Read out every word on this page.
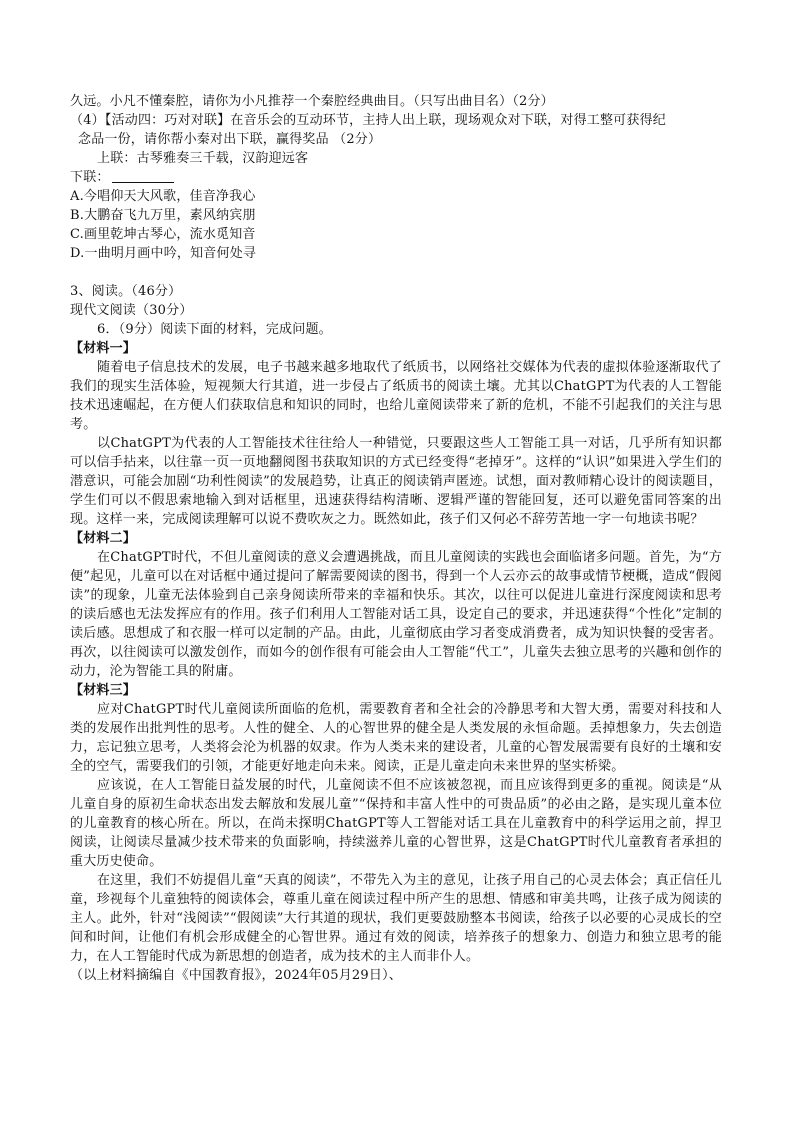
久远。小凡不懂秦腔，请你为小凡推荐一个秦腔经典曲目。（只写出曲目名）（2分）
（4）【活动四：巧对对联】在音乐会的互动环节，主持人出上联，现场观众对下联，对得工整可获得纪
念品一份，请你帮小秦对出下联，赢得奖品 （2分）
上联：古琴雅奏三千载，汉韵迎远客
下联：
A.今唱仰天大风歌，佳音净我心
B.大鹏奋飞九万里，素风纳宾朋
C.画里乾坤古琴心，流水觅知音
D.一曲明月画中吟，知音何处寻
3、阅读。（46分）
现代文阅读（30分）
6．（9分）阅读下面的材料，完成问题。
【材料一】

随着电子信息技术的发展，电子书越来越多地取代了纸质书，以网络社交媒体为代表的虚拟体验逐渐取代了我们的现实生活体验，短视频大行其道，进一步侵占了纸质书的阅读土壤。尤其以ChatGPT为代表的人工智能技术迅速崛起，在方便人们获取信息和知识的同时，也给儿童阅读带来了新的危机，不能不引起我们的关注与思考。

以ChatGPT为代表的人工智能技术往往给人一种错觉，只要跟这些人工智能工具一对话，几乎所有知识都可以信手拈来，以往靠一页一页地翻阅图书获取知识的方式已经变得“老掉牙”。这样的“认识”如果进入学生们的潜意识，可能会加剧“功利性阅读”的发展趋势，让真正的阅读销声匿迹。试想，面对教师精心设计的阅读题目，学生们可以不假思索地输入到对话框里，迅速获得结构清晰、逻辑严谨的智能回复，还可以避免雷同答案的出现。这样一来，完成阅读理解可以说不费吹灰之力。既然如此，孩子们又何必不辞劳苦地一字一句地读书呢？

【材料二】

在ChatGPT时代，不但儿童阅读的意义会遭遇挑战，而且儿童阅读的实践也会面临诸多问题。首先，为“方便”起见，儿童可以在对话框中通过提问了解需要阅读的图书，得到一个人云亦云的故事或情节梗概，造成“假阅读”的现象，儿童无法体验到自己亲身阅读所带来的幸福和快乐。其次，以往可以促进儿童进行深度阅读和思考的读后感也无法发挥应有的作用。孩子们利用人工智能对话工具，设定自己的要求，并迅速获得“个性化”定制的读后感。思想成了和衣服一样可以定制的产品。由此，儿童彻底由学习者变成消费者，成为知识快餐的受害者。再次，以往阅读可以激发创作，而如今的创作很有可能会由人工智能“代工”，儿童失去独立思考的兴趣和创作的动力，沦为智能工具的附庸。

【材料三】

应对ChatGPT时代儿童阅读所面临的危机，需要教育者和全社会的冷静思考和大智大勇，需要对科技和人类的发展作出批判性的思考。人性的健全、人的心智世界的健全是人类发展的永恒命题。丢掉想象力，失去创造力，忘记独立思考，人类将会沦为机器的奴隶。作为人类未来的建设者，儿童的心智发展需要有良好的土壤和安全的空气，需要我们的引领，才能更好地走向未来。阅读，正是儿童走向未来世界的坚实桥梁。

应该说，在人工智能日益发展的时代，儿童阅读不但不应该被忽视，而且应该得到更多的重视。阅读是“从儿童自身的原初生命状态出发去解放和发展儿童”“保持和丰富人性中的可贵品质”的必由之路，是实现儿童本位的儿童教育的核心所在。所以，在尚未探明ChatGPT等人工智能对话工具在儿童教育中的科学运用之前，捍卫阅读，让阅读尽量减少技术带来的负面影响，持续滋养儿童的心智世界，这是ChatGPT时代儿童教育者承担的重大历史使命。

在这里，我们不妨提倡儿童“天真的阅读”，不带先入为主的意见，让孩子用自己的心灵去体会；真正信任儿童，珍视每个儿童独特的阅读体会，尊重儿童在阅读过程中所产生的思想、情感和审美共鸣，让孩子成为阅读的主人。此外，针对“浅阅读”“假阅读”大行其道的现状，我们更要鼓励整本书阅读，给孩子以必要的心灵成长的空间和时间，让他们有机会形成健全的心智世界。通过有效的阅读，培养孩子的想象力、创造力和独立思考的能力，在人工智能时代成为新思想的创造者，成为技术的主人而非仆人。

（以上材料摘编自《中国教育报》，2024年05月29日）、
